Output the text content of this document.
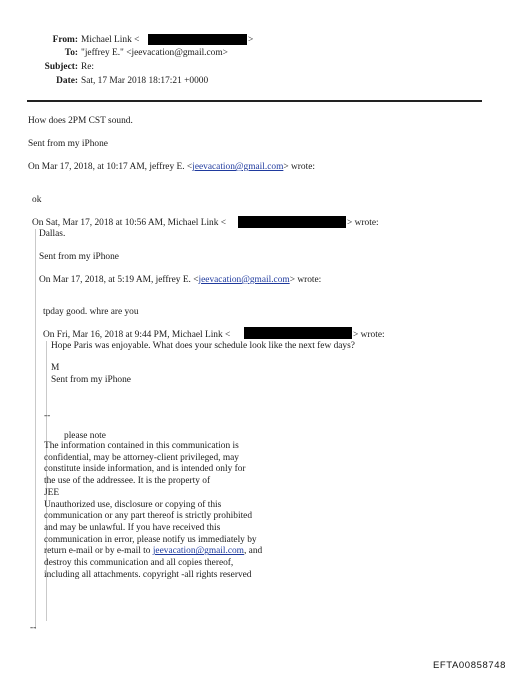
From: Michael Link <	>
To: "jeffrey E." <jeevacation@gmail.com>
Subject: Re:
Date: Sat, 17 Mar 2018 18:17:21 +0000
How does 2PM CST sound.
Sent from my iPhone
On Mar 17, 2018, at 10:17 AM, jeffrey E. <jeevacation@gmail.com> wrote:
ok
On Sat, Mar 17, 2018 at 10:56 AM, Michael Link <	> wrote:
Dallas.
Sent from my iPhone
On Mar 17, 2018, at 5:19 AM, jeffrey E. <jeevacation@gmail.com> wrote:
tpday good. whre are you
On Fri, Mar 16, 2018 at 9:44 PM, Michael Link <	> wrote:
Hope Paris was enjoyable. What does your schedule look like the next few days?
M
Sent from my iPhone
--
please note
The information contained in this communication is
confidential, may be attorney-client privileged, may
constitute inside information, and is intended only for
the use of the addressee. It is the property of
JEE
Unauthorized use, disclosure or copying of this
communication or any part thereof is strictly prohibited
and may be unlawful. If you have received this
communication in error, please notify us immediately by
return e-mail or by e-mail to jeevacation@gmail.com, and
destroy this communication and all copies thereof,
including all attachments. copyright -all rights reserved
--
EFTA00858748
